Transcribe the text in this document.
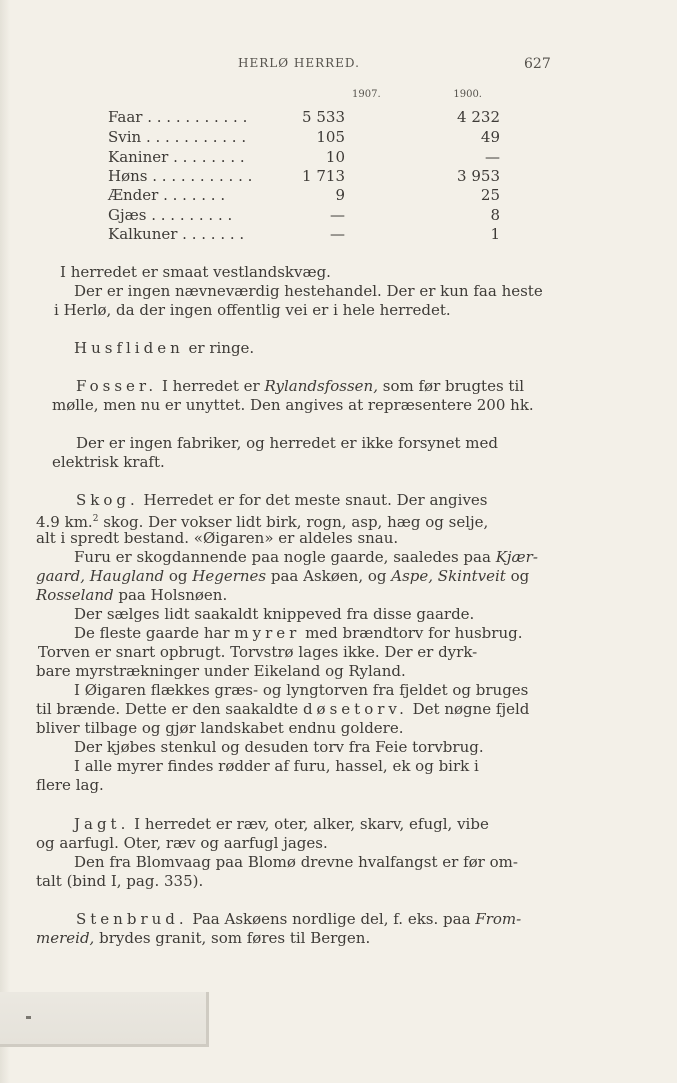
HERLØ HERRED.	627
1907.	1900.
Faar . . . . . . . . . . .	5 533	4 232
Svin . . . . . . . . . . .	105	49
Kaniner . . . . . . . .	10	—
Høns . . . . . . . . . . .	1 713	3 953
Ænder . . . . . . .	9	25
Gjæs . . . . . . . . .	—	8
Kalkuner . . . . . . .	—	1
I herredet er smaat vestlandskvæg.
Der er ingen nævneværdig hestehandel. Der er kun faa heste
i Herlø, da der ingen offentlig vei er i hele herredet.
Husfliden er ringe.
Fosser. I herredet er Rylandsfossen, som før brugtes til
mølle, men nu er unyttet. Den angives at repræsentere 200 hk.
Der er ingen fabriker, og herredet er ikke forsynet med
elektrisk kraft.
Skog. Herredet er for det meste snaut. Der angives
4.9 km.$^2$ skog. Der vokser lidt birk, rogn, asp, hæg og selje,
alt i spredt bestand. «Øigaren» er aldeles snau.
Furu er skogdannende paa nogle gaarde, saaledes paa Kjær-
gaard, Haugland og Hegernes paa Askøen, og Aspe, Skintveit og
Rosseland paa Holsnøen.
Der sælges lidt saakaldt knippeved fra disse gaarde.
De fleste gaarde har myrer med brændtorv for husbrug.
Torven er snart opbrugt. Torvstrø lages ikke. Der er dyrk-
bare myrstrækninger under Eikeland og Ryland.
I Øigaren flækkes græs- og lyngtorven fra fjeldet og bruges
til brænde. Dette er den saakaldte døsetorv. Det nøgne fjeld
bliver tilbage og gjør landskabet endnu goldere.
Der kjøbes stenkul og desuden torv fra Feie torvbrug.
I alle myrer findes rødder af furu, hassel, ek og birk i
flere lag.
Jagt. I herredet er ræv, oter, alker, skarv, efugl, vibe
og aarfugl. Oter, ræv og aarfugl jages.
Den fra Blomvaag paa Blomø drevne hvalfangst er før om-
talt (bind I, pag. 335).
Stenbrud. Paa Askøens nordlige del, f. eks. paa From-
mereid, brydes granit, som føres til Bergen.
